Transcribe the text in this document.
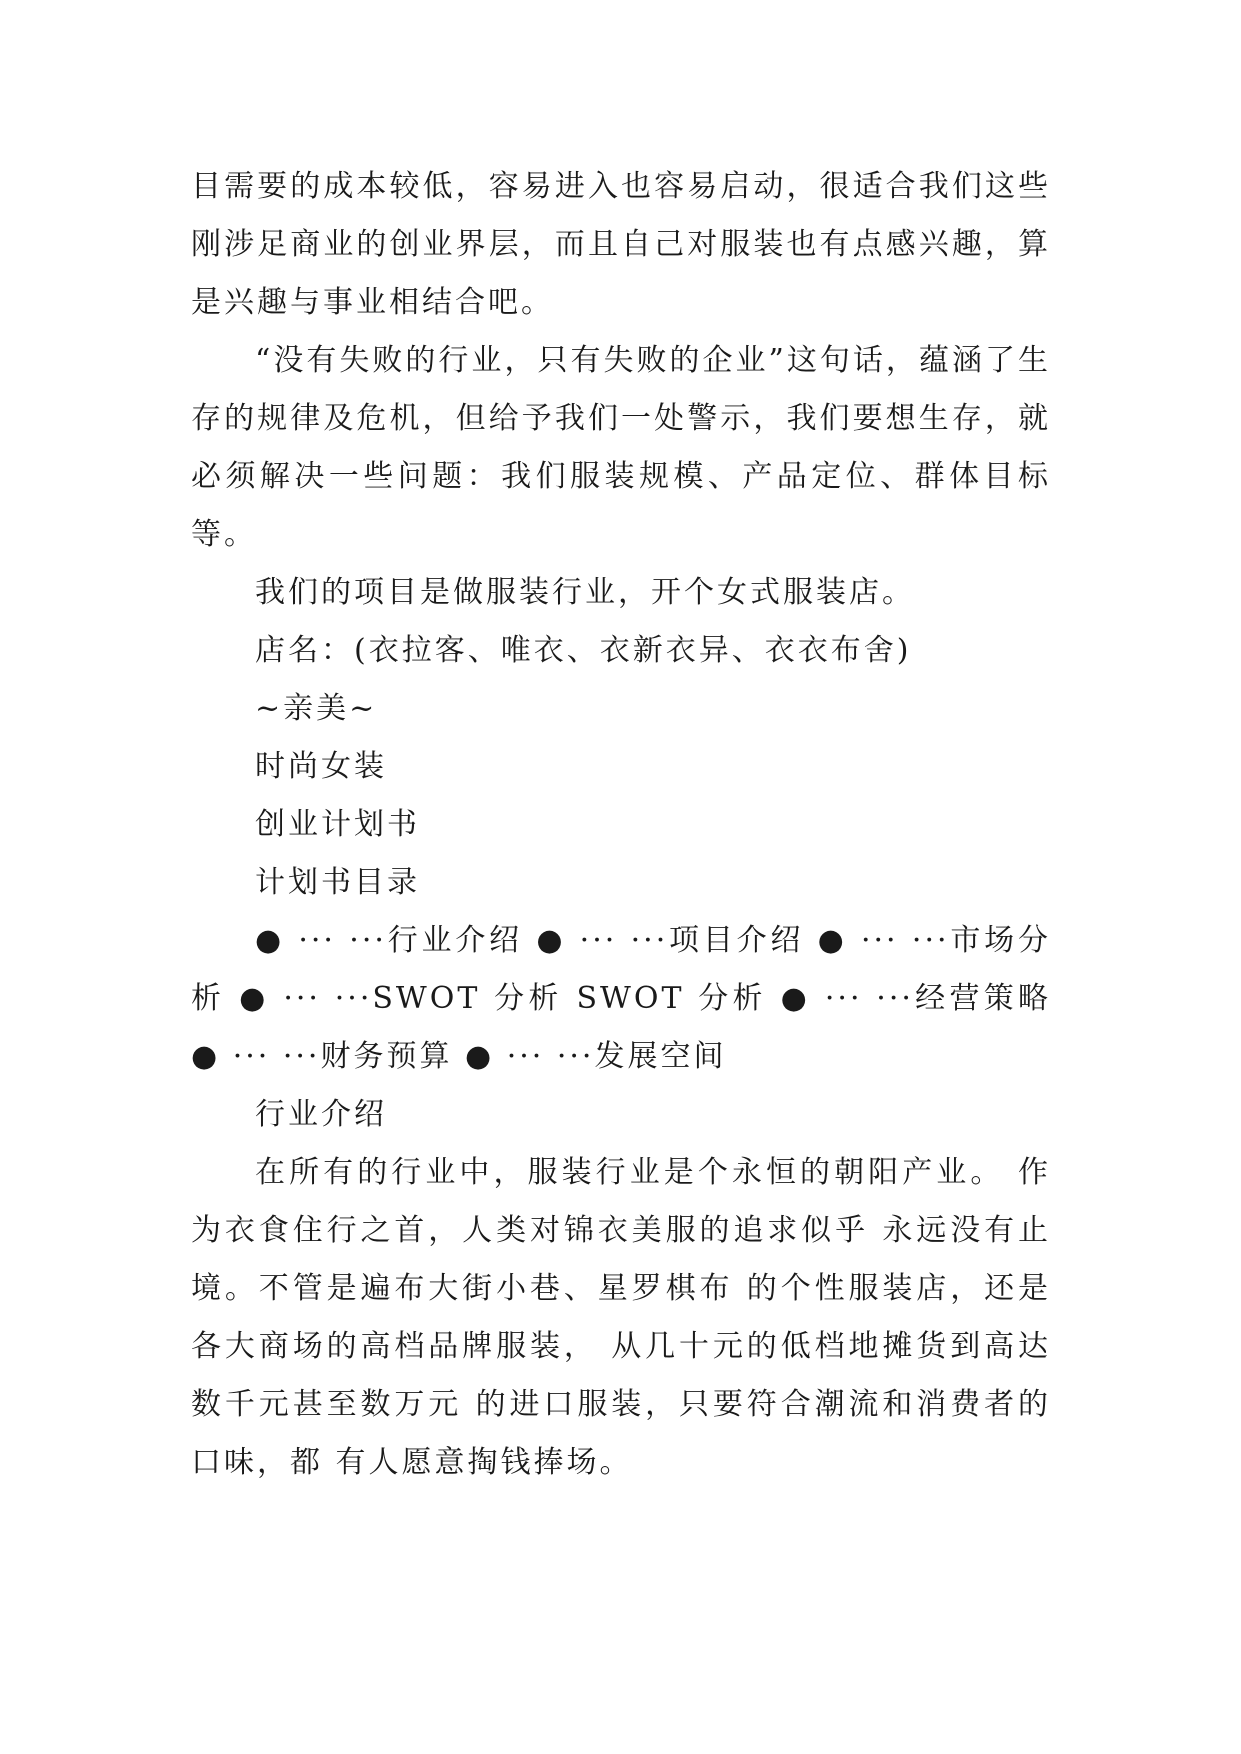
目需要的成本较低，容易进入也容易启动，很适合我们这些刚涉足商业的创业界层，而且自己对服装也有点感兴趣，算是兴趣与事业相结合吧。

“没有失败的行业，只有失败的企业”这句话，蕴涵了生存的规律及危机，但给予我们一处警示，我们要想生存，就必须解决一些问题：我们服装规模、产品定位、群体目标等。

我们的项目是做服装行业，开个女式服装店。

店名：(衣拉客、唯衣、衣新衣异、衣衣布舍)

~亲美~

时尚女装

创业计划书

计划书目录

● ··· ···行业介绍 ● ··· ···项目介绍 ● ··· ···市场分析 ● ··· ···SWOT 分析 SWOT 分析 ● ··· ···经营策略 ● ··· ···财务预算 ● ··· ···发展空间

行业介绍

在所有的行业中，服装行业是个永恒的朝阳产业。 作为衣食住行之首，人类对锦衣美服的追求似乎 永远没有止境。不管是遍布大街小巷、星罗棋布 的个性服装店，还是各大商场的高档品牌服装， 从几十元的低档地摊货到高达数千元甚至数万元 的进口服装，只要符合潮流和消费者的口味，都 有人愿意掏钱捧场。
